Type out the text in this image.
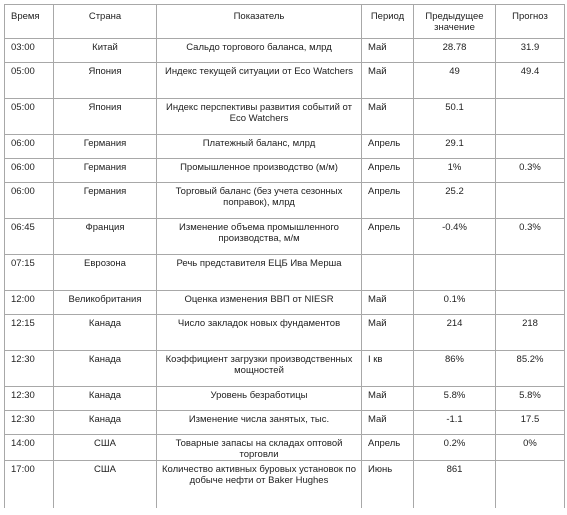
Время	Страна	Показатель	Период	Предыдущее значение	Прогноз
03:00	Китай	Сальдо торгового баланса, млрд	Май	28.78	31.9
05:00	Япония	Индекс текущей ситуации от Eco Watchers	Май	49	49.4
05:00	Япония	Индекс перспективы развития событий от Eco Watchers	Май	50.1	
06:00	Германия	Платежный баланс, млрд	Апрель	29.1	
06:00	Германия	Промышленное производство (м/м)	Апрель	1%	0.3%
06:00	Германия	Торговый баланс (без учета сезонных поправок), млрд	Апрель	25.2	
06:45	Франция	Изменение объема промышленного производства, м/м	Апрель	-0.4%	0.3%
07:15	Еврозона	Речь представителя ЕЦБ Ива Мерша			
12:00	Великобритания	Оценка изменения ВВП от NIESR	Май	0.1%	
12:15	Канада	Число закладок новых фундаментов	Май	214	218
12:30	Канада	Коэффициент загрузки производственных мощностей	I кв	86%	85.2%
12:30	Канада	Уровень безработицы	Май	5.8%	5.8%
12:30	Канада	Изменение числа занятых, тыс.	Май	-1.1	17.5
14:00	США	Товарные запасы на складах оптовой торговли	Апрель	0.2%	0%
17:00	США	Количество активных буровых установок по добыче нефти от Baker Hughes	Июнь	861	
